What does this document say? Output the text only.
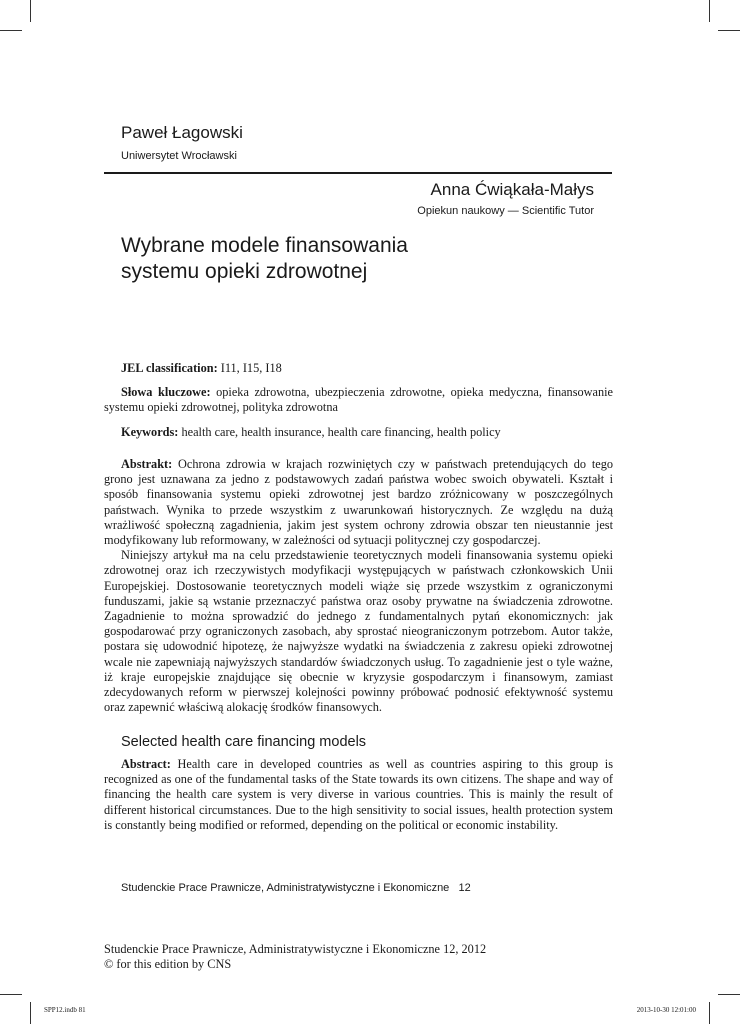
Paweł Łagowski
Uniwersytet Wrocławski
Anna Ćwiąkała-Małys
Opiekun naukowy — Scientific Tutor
Wybrane modele finansowania
systemu opieki zdrowotnej

JEL classification: I11, I15, I18

Słowa kluczowe: opieka zdrowotna, ubezpieczenia zdrowotne, opieka medyczna, finansowanie systemu opieki zdrowotnej, polityka zdrowotna

Keywords: health care, health insurance, health care financing, health policy

Abstrakt: Ochrona zdrowia w krajach rozwiniętych czy w państwach pretendujących do tego grono jest uznawana za jedno z podstawowych zadań państwa wobec swoich obywateli. Kształt i sposób finansowania systemu opieki zdrowotnej jest bardzo zróżnicowany w poszczególnych państwach. Wynika to przede wszystkim z uwarunkowań historycznych. Ze względu na dużą wrażliwość społeczną zagadnienia, jakim jest system ochrony zdrowia obszar ten nieustannie jest modyfikowany lub reformowany, w zależności od sytuacji politycznej czy gospodarczej.

Niniejszy artykuł ma na celu przedstawienie teoretycznych modeli finansowania systemu opieki zdrowotnej oraz ich rzeczywistych modyfikacji występujących w państwach członkowskich Unii Europejskiej. Dostosowanie teoretycznych modeli wiąże się przede wszystkim z ograniczonymi funduszami, jakie są wstanie przeznaczyć państwa oraz osoby prywatne na świadczenia zdrowotne. Zagadnienie to można sprowadzić do jednego z fundamentalnych pytań ekonomicznych: jak gospodarować przy ograniczonych zasobach, aby sprostać nieograniczonym potrzebom. Autor także, postara się udowodnić hipotezę, że najwyższe wydatki na świadczenia z zakresu opieki zdrowotnej wcale nie zapewniają najwyższych standardów świadczonych usług. To zagadnienie jest o tyle ważne, iż kraje europejskie znajdujące się obecnie w kryzysie gospodarczym i finansowym, zamiast zdecydowanych reform w pierwszej kolejności powinny próbować podnosić efektywność systemu oraz zapewnić właściwą alokację środków finansowych.

Selected health care financing models

Abstract: Health care in developed countries as well as countries aspiring to this group is recognized as one of the fundamental tasks of the State towards its own citizens. The shape and way of financing the health care system is very diverse in various countries. This is mainly the result of different historical circumstances. Due to the high sensitivity to social issues, health protection system is constantly being modified or reformed, depending on the political or economic instability.

Studenckie Prace Prawnicze, Administratywistyczne i Ekonomiczne 12
Studenckie Prace Prawnicze, Administratywistyczne i Ekonomiczne 12, 2012
© for this edition by CNS
SPP12.indb 81	2013-10-30 12:01:00
